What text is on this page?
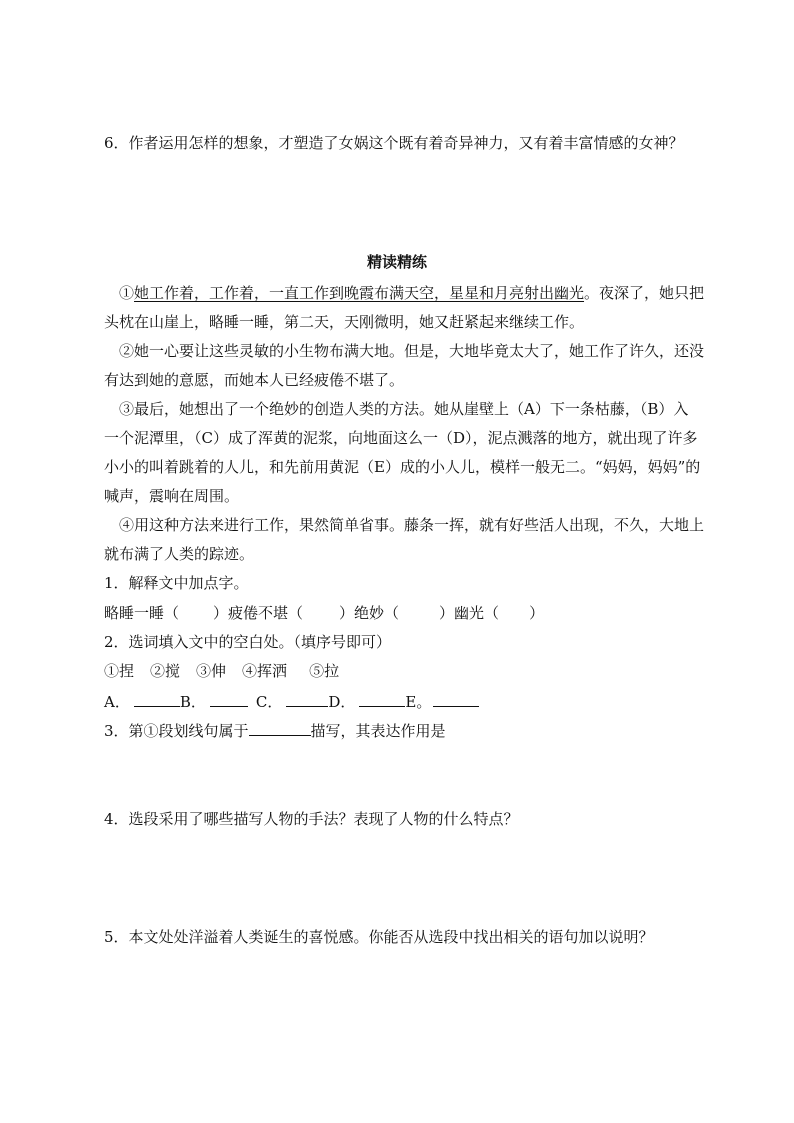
6．作者运用怎样的想象，才塑造了女娲这个既有着奇异神力，又有着丰富情感的女神？
精读精练
①她工作着，工作着，一直工作到晚霞布满天空，星星和月亮射出幽光。夜深了，她只把
头枕在山崖上，略睡一睡，第二天，天刚微明，她又赶紧起来继续工作。
②她一心要让这些灵敏的小生物布满大地。但是，大地毕竟太大了，她工作了许久，还没
有达到她的意愿，而她本人已经疲倦不堪了。
③最后，她想出了一个绝妙的创造人类的方法。她从崖壁上（A）下一条枯藤，（B）入
一个泥潭里，（C）成了浑黄的泥浆，向地面这么一（D），泥点溅落的地方，就出现了许多
小小的叫着跳着的人儿，和先前用黄泥（E）成的小人儿，模样一般无二。“妈妈，妈妈”的
喊声，震响在周围。
④用这种方法来进行工作，果然简单省事。藤条一挥，就有好些活人出现，不久，大地上
就布满了人类的踪迹。
1．解释文中加点字。
略睡一睡（ ）疲倦不堪（ ）绝妙（	）幽光（ ）
2．选词填入文中的空白处。（填序号即可）
①捏 ②搅 ③伸 ④挥洒 ⑤拉
A．	B．	C．	D．	E。
3．第①段划线句属于	描写，其表达作用是
4．选段采用了哪些描写人物的手法？表现了人物的什么特点？
5．本文处处洋溢着人类诞生的喜悦感。你能否从选段中找出相关的语句加以说明？
